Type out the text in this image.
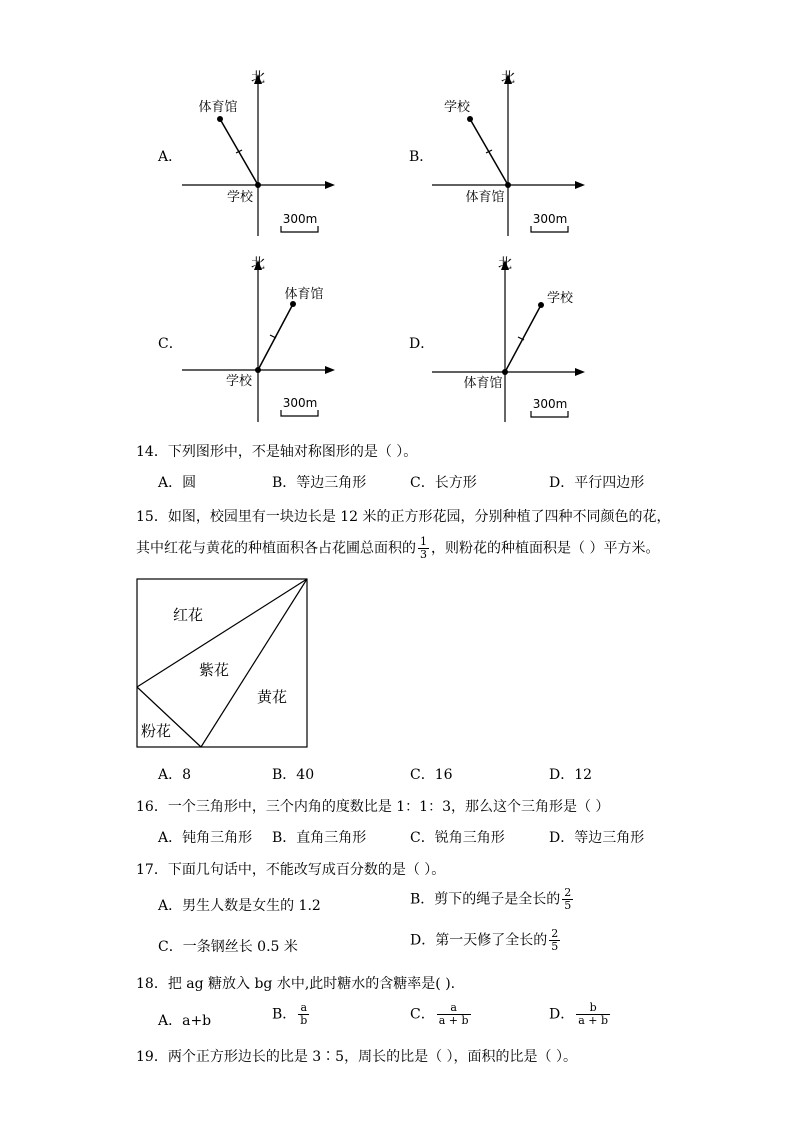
A．
北
体育馆
学校
300m
B．
北
学校
体育馆
300m
C．
北
体育馆
学校
300m
D．
北
学校
体育馆
300m
14．下列图形中，不是轴对称图形的是（ ）。
A．圆	B．等边三角形	C．长方形	D．平行四边形
15．如图，校园里有一块边长是 12 米的正方形花园，分别种植了四种不同颜色的花，
其中红花与黄花的种植面积各占花圃总面积的 $\frac{1}{3}$ ，则粉花的种植面积是（ ）平方米。
红花
紫花
黄花
粉花
A．8	B．40	C．16	D．12
16．一个三角形中，三个内角的度数比是 1：1：3，那么这个三角形是（ ）
A．钝角三角形 B．直角三角形	C．锐角三角形	D．等边三角形
17．下面几句话中，不能改写成百分数的是（ ）。
A．男生人数是女生的 1.2	B．剪下的绳子是全长的 $\frac{2}{5}$
C．一条钢丝长 0.5 米	D．第一天修了全长的 $\frac{2}{5}$
18．把 ag 糖放入 bg 水中,此时糖水的含糖率是( ).
A．a+b	B． $\frac{a}{b}$	C． $\frac{a}{a + b}$	D． $\frac{b}{a + b}$
19．两个正方形边长的比是 3∶5，周长的比是（ ），面积的比是（ ）。
